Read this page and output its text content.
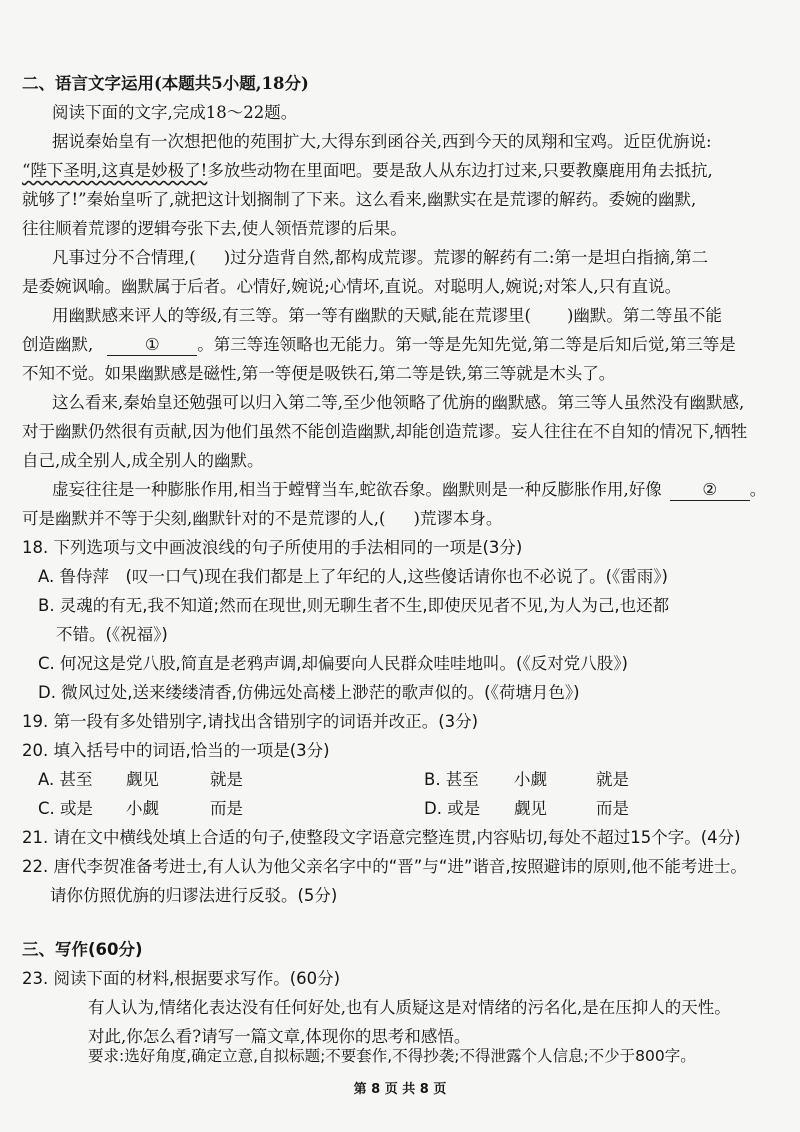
二、语言文字运用(本题共5小题,18分)
阅读下面的文字,完成18～22题。
据说秦始皇有一次想把他的苑围扩大,大得东到函谷关,西到今天的凤翔和宝鸡。近臣优旃说:
“陛下圣明,这真是妙极了!多放些动物在里面吧。要是敌人从东边打过来,只要教麋鹿用角去抵抗,
就够了!”秦始皇听了,就把这计划搁制了下来。这么看来,幽默实在是荒谬的解药。委婉的幽默,
往往顺着荒谬的逻辑夸张下去,使人领悟荒谬的后果。
凡事过分不合情理,( )过分造背自然,都构成荒谬。荒谬的解药有二:第一是坦白指摘,第二
是委婉讽喻。幽默属于后者。心情好,婉说;心情坏,直说。对聪明人,婉说;对笨人,只有直说。
用幽默感来评人的等级,有三等。第一等有幽默的天赋,能在荒谬里( )幽默。第二等虽不能
创造幽默,	① 。第三等连领略也无能力。第一等是先知先觉,第二等是后知后觉,第三等是
不知不觉。如果幽默感是磁性,第一等便是吸铁石,第二等是铁,第三等就是木头了。
这么看来,秦始皇还勉强可以归入第二等,至少他领略了优旃的幽默感。第三等人虽然没有幽默感,
对于幽默仍然很有贡献,因为他们虽然不能创造幽默,却能创造荒谬。妄人往往在不自知的情况下,牺牲
自己,成全别人,成全别人的幽默。
虚妄往往是一种膨胀作用,相当于螳臂当车,蛇欲吞象。幽默则是一种反膨胀作用,好像 ② 。
可是幽默并不等于尖刻,幽默针对的不是荒谬的人,( )荒谬本身。
18. 下列选项与文中画波浪线的句子所使用的手法相同的一项是(3分)
A. 鲁侍萍　(叹一口气)现在我们都是上了年纪的人,这些傻话请你也不必说了。(《雷雨》)
B. 灵魂的有无,我不知道;然而在现世,则无聊生者不生,即使厌见者不见,为人为己,也还都
不错。(《祝福》)
C. 何况这是党八股,简直是老鸦声调,却偏要向人民群众哇哇地叫。(《反对党八股》)
D. 微风过处,送来缕缕清香,仿佛远处高楼上渺茫的歌声似的。(《荷塘月色》)
19. 第一段有多处错别字,请找出含错别字的词语并改正。(3分)
20. 填入括号中的词语,恰当的一项是(3分)
A. 甚至 觑见	就是	B. 甚至 小觑	就是
C. 或是 小觑	而是	D. 或是 觑见	而是
21. 请在文中横线处填上合适的句子,使整段文字语意完整连贯,内容贴切,每处不超过15个字。(4分)
22. 唐代李贺准备考进士,有人认为他父亲名字中的“晋”与“进”谐音,按照避讳的原则,他不能考进士。
请你仿照优旃的归谬法进行反驳。(5分)
三、写作(60分)
23. 阅读下面的材料,根据要求写作。(60分)
有人认为,情绪化表达没有任何好处,也有人质疑这是对情绪的污名化,是在压抑人的天性。
对此,你怎么看?请写一篇文章,体现你的思考和感悟。
第 8 页 共 8 页
要求:选好角度,确定立意,自拟标题;不要套作,不得抄袭;不得泄露个人信息;不少于800字。
